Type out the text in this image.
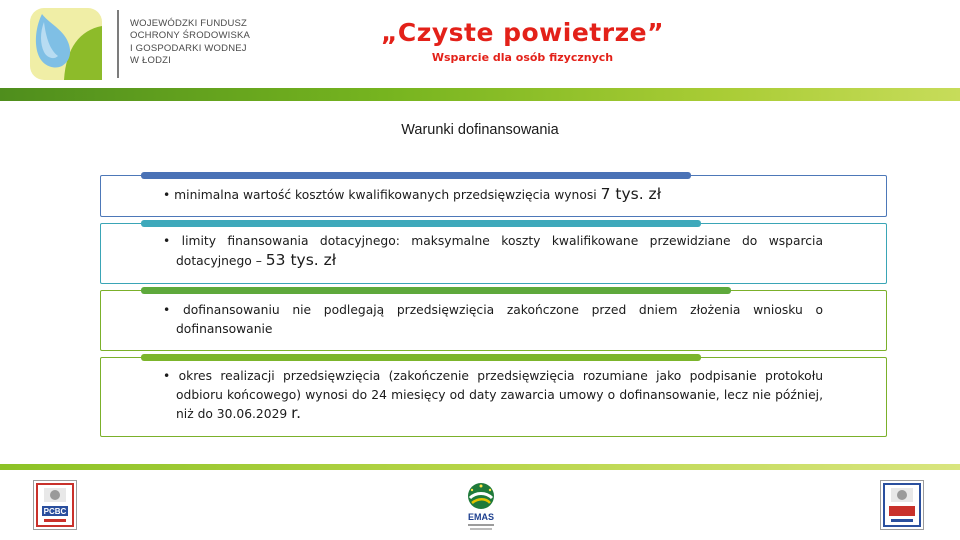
WOJEWÓDZKI FUNDUSZ
OCHRONY ŚRODOWISKA
I GOSPODARKI WODNEJ
W ŁODZI
„Czyste powietrze”
Wsparcie dla osób fizycznych
Warunki dofinansowania
• minimalna wartość kosztów kwalifikowanych przedsięwzięcia wynosi 7 tys. zł
• limity finansowania dotacyjnego: maksymalne koszty kwalifikowane przewidziane do wsparcia dotacyjnego – 53 tys. zł
• dofinansowaniu nie podlegają przedsięwzięcia zakończone przed dniem złożenia wniosku o dofinansowanie
• okres realizacji przedsięwzięcia (zakończenie przedsięwzięcia rozumiane jako podpisanie protokołu odbioru końcowego) wynosi do 24 miesięcy od daty zawarcia umowy o dofinansowanie, lecz nie później, niż do 30.06.2029 r.
PCBC
EMAS
